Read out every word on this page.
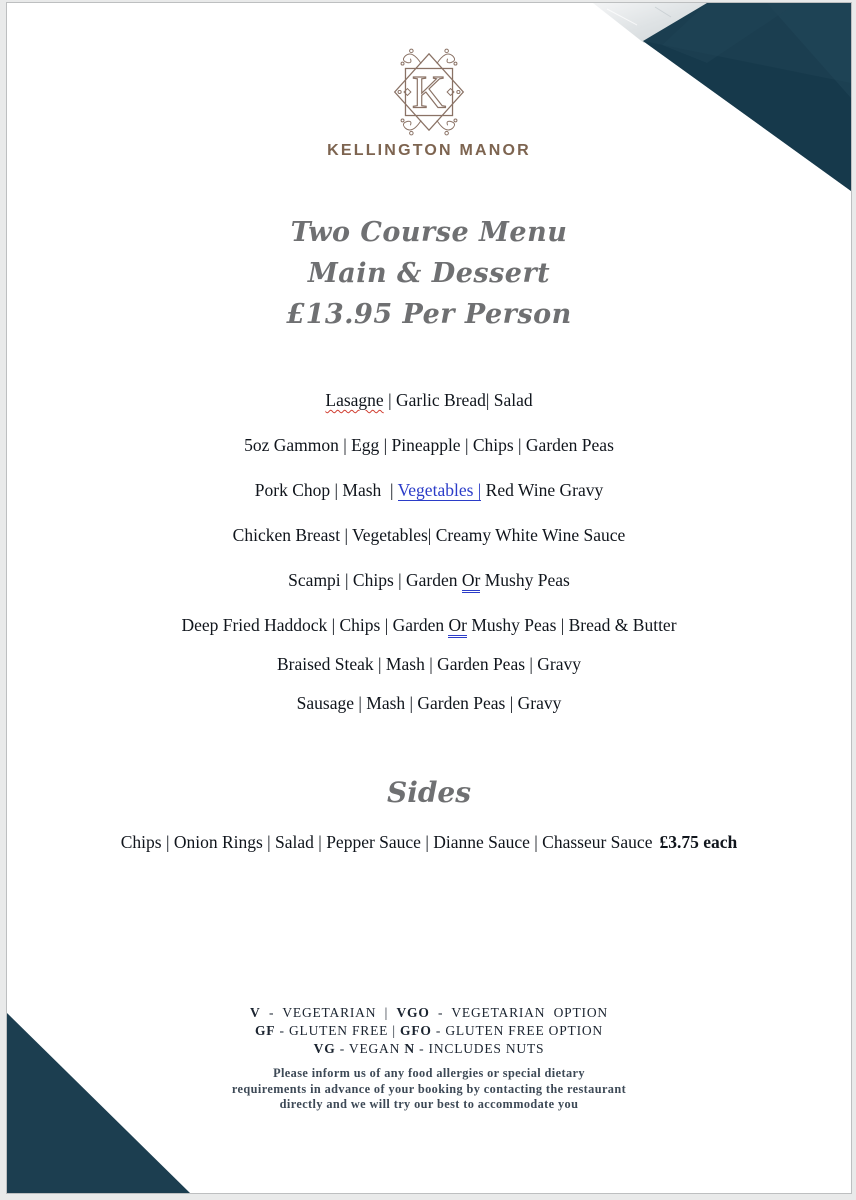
K
KELLINGTON MANOR
Two Course Menu
Main & Dessert
£13.95 Per Person
Lasagne | Garlic Bread| Salad
5oz Gammon | Egg | Pineapple | Chips | Garden Peas
Pork Chop | Mash  | Vegetables | Red Wine Gravy
Chicken Breast | Vegetables| Creamy White Wine Sauce
Scampi | Chips | Garden Or Mushy Peas
Deep Fried Haddock | Chips | Garden Or Mushy Peas | Bread & Butter
Braised Steak | Mash | Garden Peas | Gravy
Sausage | Mash | Garden Peas | Gravy
Sides
Chips | Onion Rings | Salad | Pepper Sauce | Dianne Sauce | Chasseur Sauce £3.75 each
V  -  VEGETARIAN  |  VGO  -  VEGETARIAN  OPTION
GF - GLUTEN FREE | GFO - GLUTEN FREE OPTION
VG - VEGAN N - INCLUDES NUTS
Please inform us of any food allergies or special dietary
requirements in advance of your booking by contacting the restaurant
directly and we will try our best to accommodate you
